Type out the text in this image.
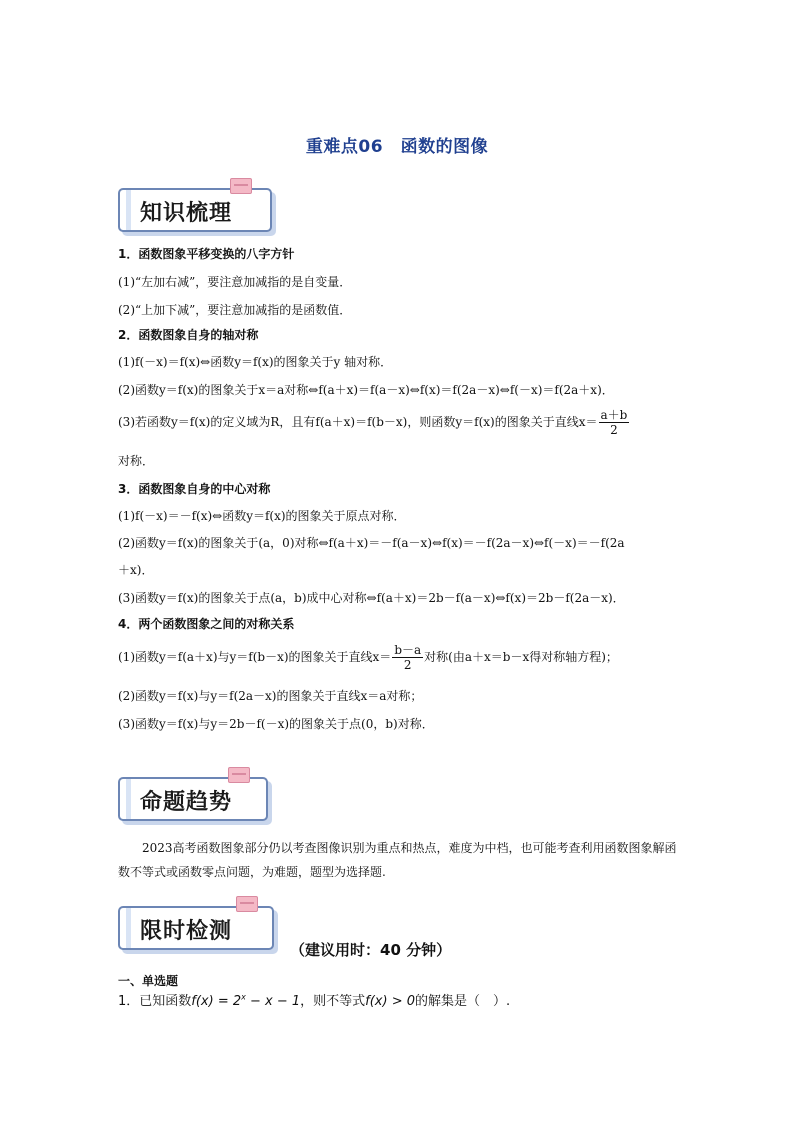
重难点06　函数的图像
知识梳理
1．函数图象平移变换的八字方针
(1)“左加右减”，要注意加减指的是自变量．
(2)“上加下减”，要注意加减指的是函数值．
2．函数图象自身的轴对称
(1)f(－x)＝f(x)⇔函数y＝f(x)的图象关于y 轴对称．
(2)函数y＝f(x)的图象关于x＝a对称⇔f(a＋x)＝f(a－x)⇔f(x)＝f(2a－x)⇔f(－x)＝f(2a＋x)．
(3)若函数y＝f(x)的定义域为R，且有f(a＋x)＝f(b－x)，则函数y＝f(x)的图象关于直线$x= \frac{a+b}{2}$
对称．
3．函数图象自身的中心对称
(1)f(－x)＝－f(x)⇔函数y＝f(x)的图象关于原点对称．
(2)函数y＝f(x)的图象关于(a，0)对称⇔f(a＋x)＝－f(a－x)⇔f(x)＝－f(2a－x)⇔f(－x)＝－f(2a
＋x)．
(3)函数y＝f(x)的图象关于点(a，b)成中心对称⇔f(a＋x)＝2b－f(a－x)⇔f(x)＝2b－f(2a－x)．
4．两个函数图象之间的对称关系
(1)函数y＝f(a＋x)与y＝f(b－x)的图象关于直线$x= \frac{b-a}{2}$ 对称(由a＋x＝b－x得对称轴方程)；
(2)函数y＝f(x)与y＝f(2a－x)的图象关于直线x＝a对称；
(3)函数y＝f(x)与y＝2b－f(－x)的图象关于点(0，b)对称．
命题趋势
2023高考函数图象部分仍以考查图像识别为重点和热点，难度为中档，也可能考查利用函数图象解函数不等式或函数零点问题，为难题，题型为选择题.
限时检测
（建议用时：40 分钟）
一、单选题
1．已知函数$f(x) = 2^x - x - 1$，则不等式f(x) > 0的解集是（　）.
